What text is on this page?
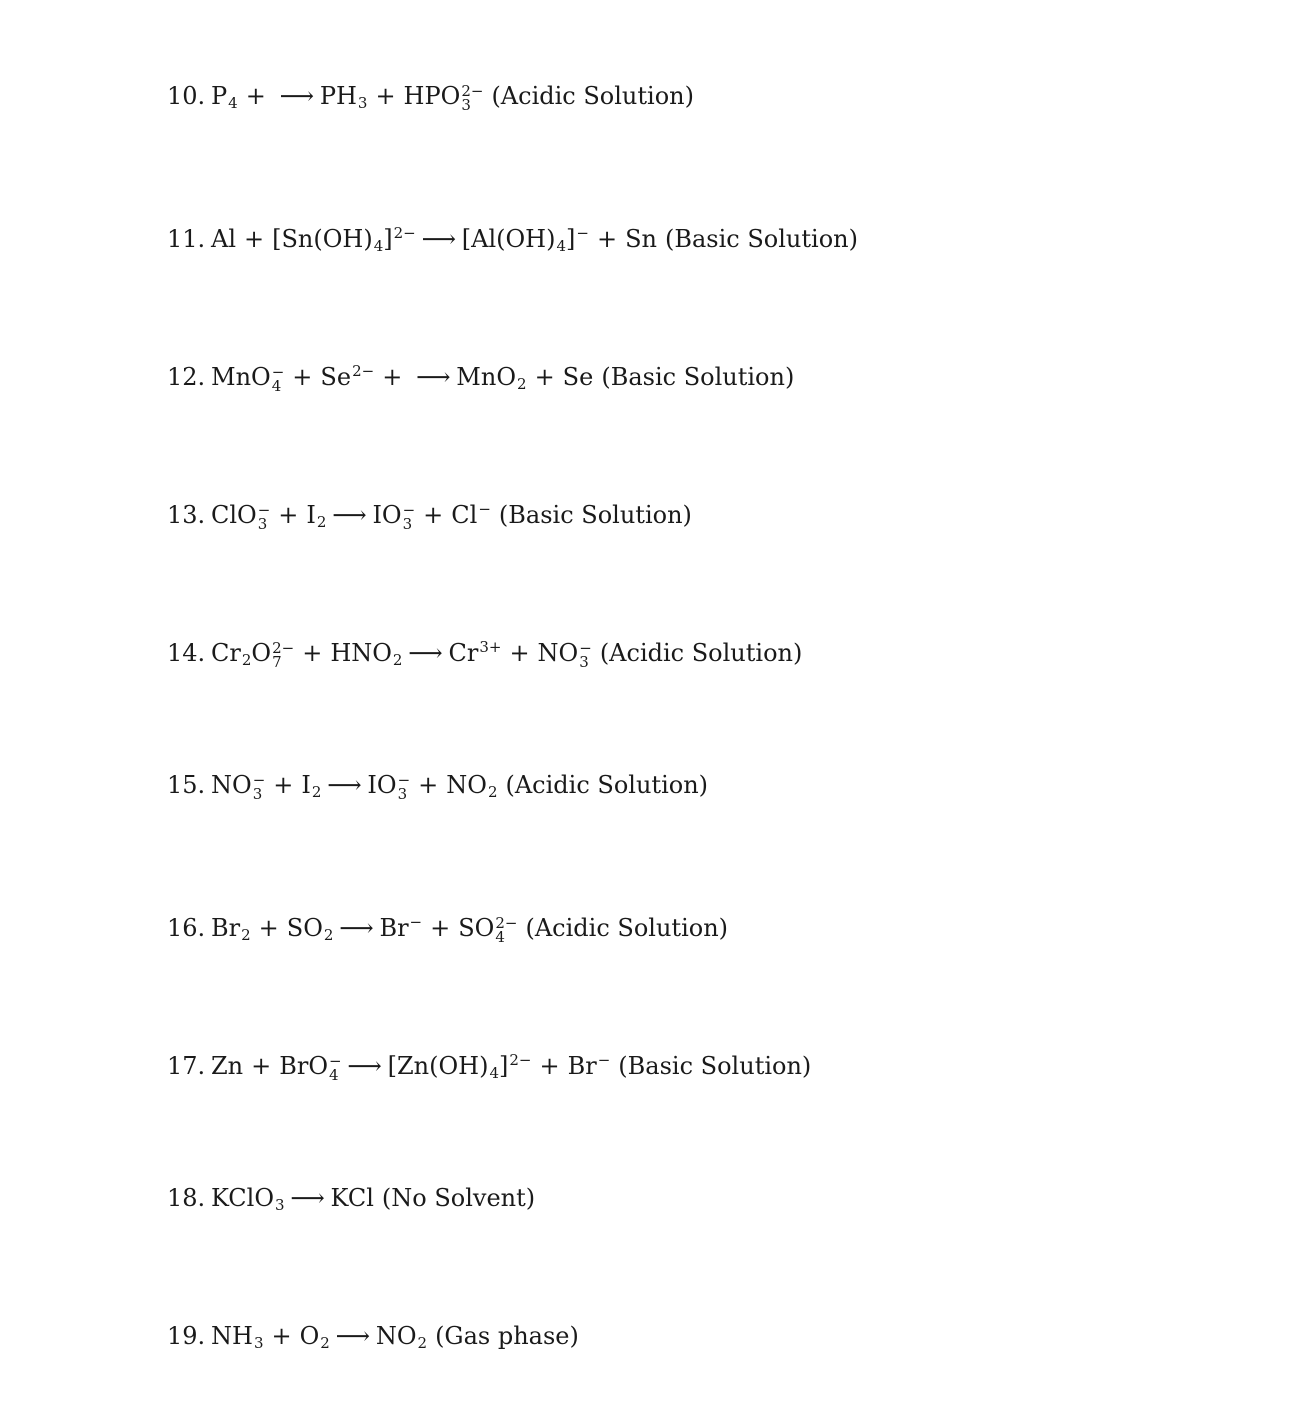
10. P4 + ⟶ PH3 + HPO 2−
3 (Acidic Solution)
11. $Al + [Sn(OH)4]^{2-}$ ⟶ [Al(OH)4]− + Sn (Basic Solution)
12. MnO −
$4 + Se^{2-}$ + ⟶ MnO2 + Se (Basic Solution)
13. ClO −
3 + I2 ⟶ IO −
3 + Cl− (Basic Solution)
14. Cr2O 2−
7 + HNO2 ⟶ $Cr^{3+}$ + NO −
3 (Acidic Solution)
15. NO −
3 + I2 ⟶ IO −
3 + NO2 (Acidic Solution)
16. Br2 + SO2 ⟶ Br− + SO 2−
4 (Acidic Solution)
17. Zn + BrO −
4 ⟶ $[Zn(OH)4]^{2-} + Br^-$ (Basic Solution)
18. KClO3 ⟶ KCl (No Solvent)
19. NH3 + O2 ⟶ NO2 (Gas phase)
